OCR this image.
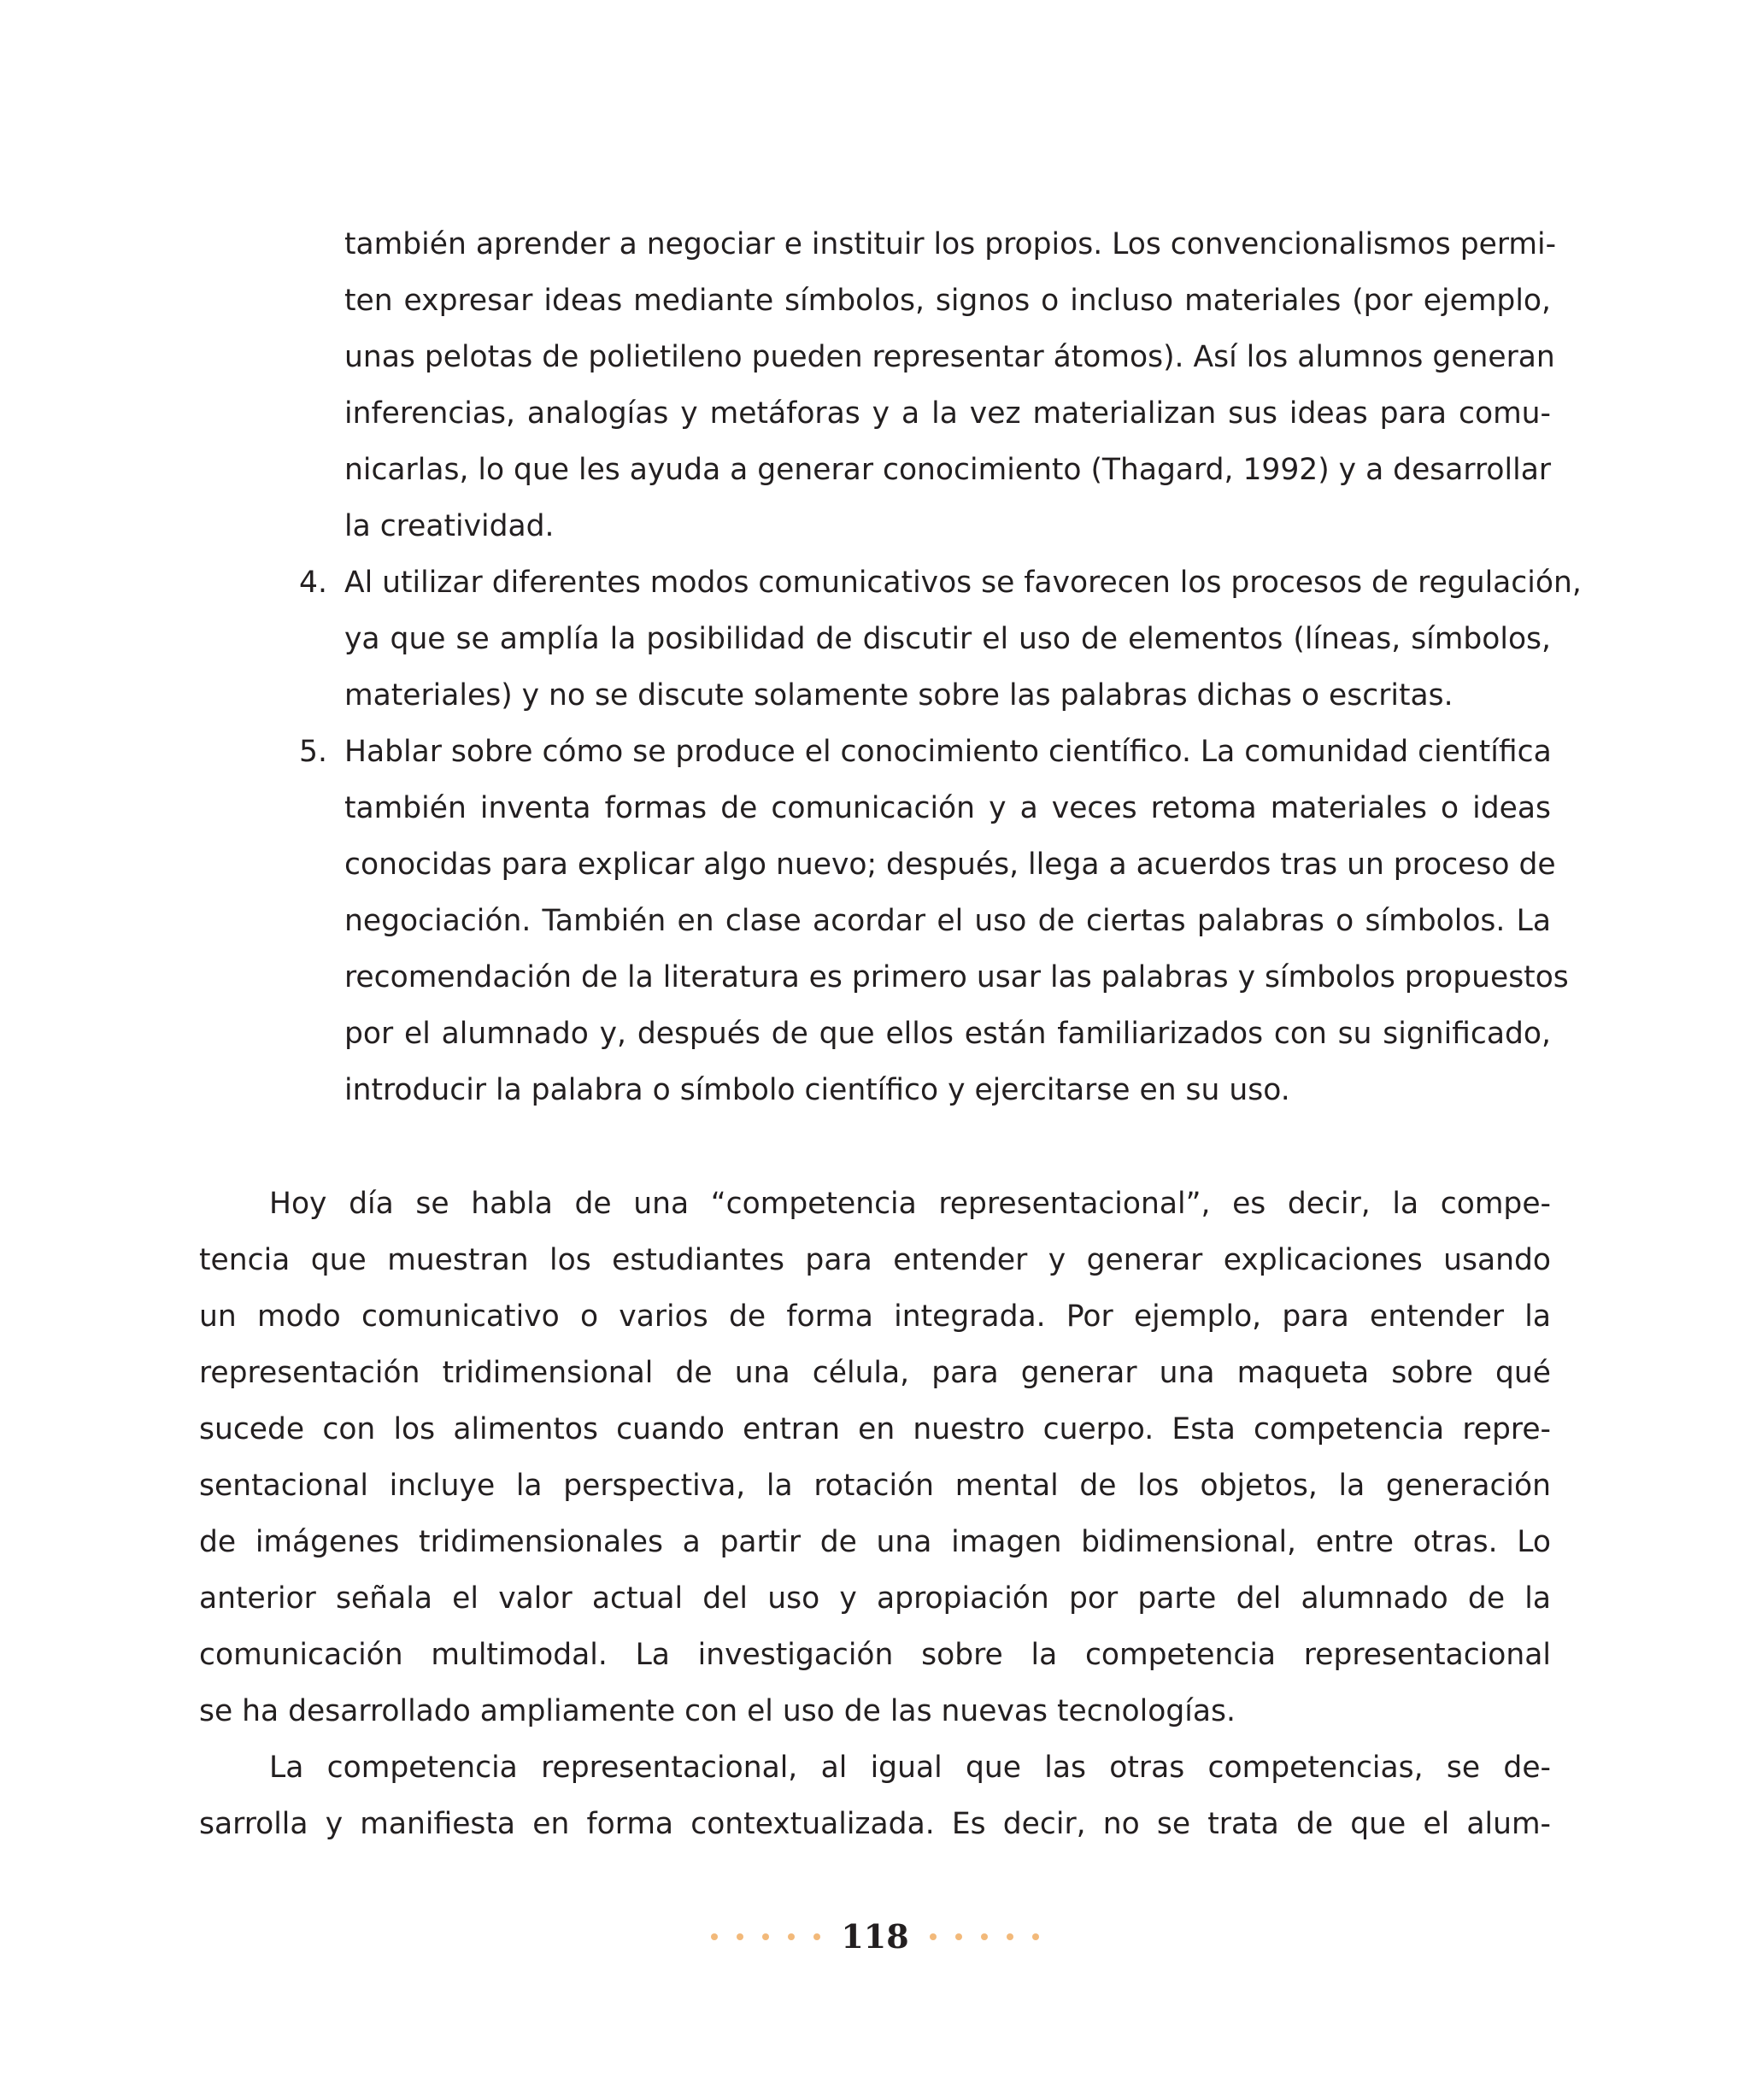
también aprender a negociar e instituir los propios. Los convencionalismos permi-
ten expresar ideas mediante símbolos, signos o incluso materiales (por ejemplo,
unas pelotas de polietileno pueden representar átomos). Así los alumnos generan
inferencias, analogías y metáforas y a la vez materializan sus ideas para comu-
nicarlas, lo que les ayuda a generar conocimiento (Thagard, 1992) y a desarrollar
la creatividad.
4. Al utilizar diferentes modos comunicativos se favorecen los procesos de regulación,
ya que se amplía la posibilidad de discutir el uso de elementos (líneas, símbolos,
materiales) y no se discute solamente sobre las palabras dichas o escritas.
5. Hablar sobre cómo se produce el conocimiento científico. La comunidad científica
también inventa formas de comunicación y a veces retoma materiales o ideas
conocidas para explicar algo nuevo; después, llega a acuerdos tras un proceso de
negociación. También en clase acordar el uso de ciertas palabras o símbolos. La
recomendación de la literatura es primero usar las palabras y símbolos propuestos
por el alumnado y, después de que ellos están familiarizados con su significado,
introducir la palabra o símbolo científico y ejercitarse en su uso.
Hoy día se habla de una “competencia representacional”, es decir, la compe-
tencia que muestran los estudiantes para entender y generar explicaciones usando
un modo comunicativo o varios de forma integrada. Por ejemplo, para entender la
representación tridimensional de una célula, para generar una maqueta sobre qué
sucede con los alimentos cuando entran en nuestro cuerpo. Esta competencia repre-
sentacional incluye la perspectiva, la rotación mental de los objetos, la generación
de imágenes tridimensionales a partir de una imagen bidimensional, entre otras. Lo
anterior señala el valor actual del uso y apropiación por parte del alumnado de la
comunicación multimodal. La investigación sobre la competencia representacional
se ha desarrollado ampliamente con el uso de las nuevas tecnologías.
La competencia representacional, al igual que las otras competencias, se de-
sarrolla y manifiesta en forma contextualizada. Es decir, no se trata de que el alum-
118
